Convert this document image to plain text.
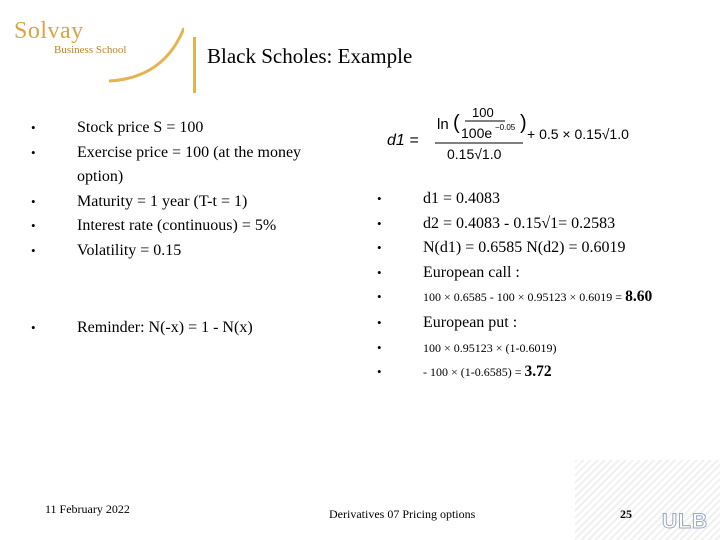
Solvay
Business School	Black Scholes: Example
•	Stock price S = 100
•	Exercise price = 100 (at the money option)
•	Maturity = 1 year (T-t = 1)
•	Interest rate (continuous) = 5%
•	Volatility = 0.15
•	Reminder: N(-x) = 1 - N(x)
d1 =
ln ( 100
100e −0.05 ) + 0.5 × 0.15√1.0
0.15√1.0
•	d1 = 0.4083
•	d2 = 0.4083 - 0.15√1= 0.2583
•	N(d1) = 0.6585 N(d2) = 0.6019
•	European call :
•	100 × 0.6585 - 100 × 0.95123 × 0.6019 = 8.60
•	European put :
•	100 × 0.95123 × (1-0.6019)
•	- 100 × (1-0.6585) = 3.72
11 February 2022	Derivatives 07 Pricing options	25 ULB
